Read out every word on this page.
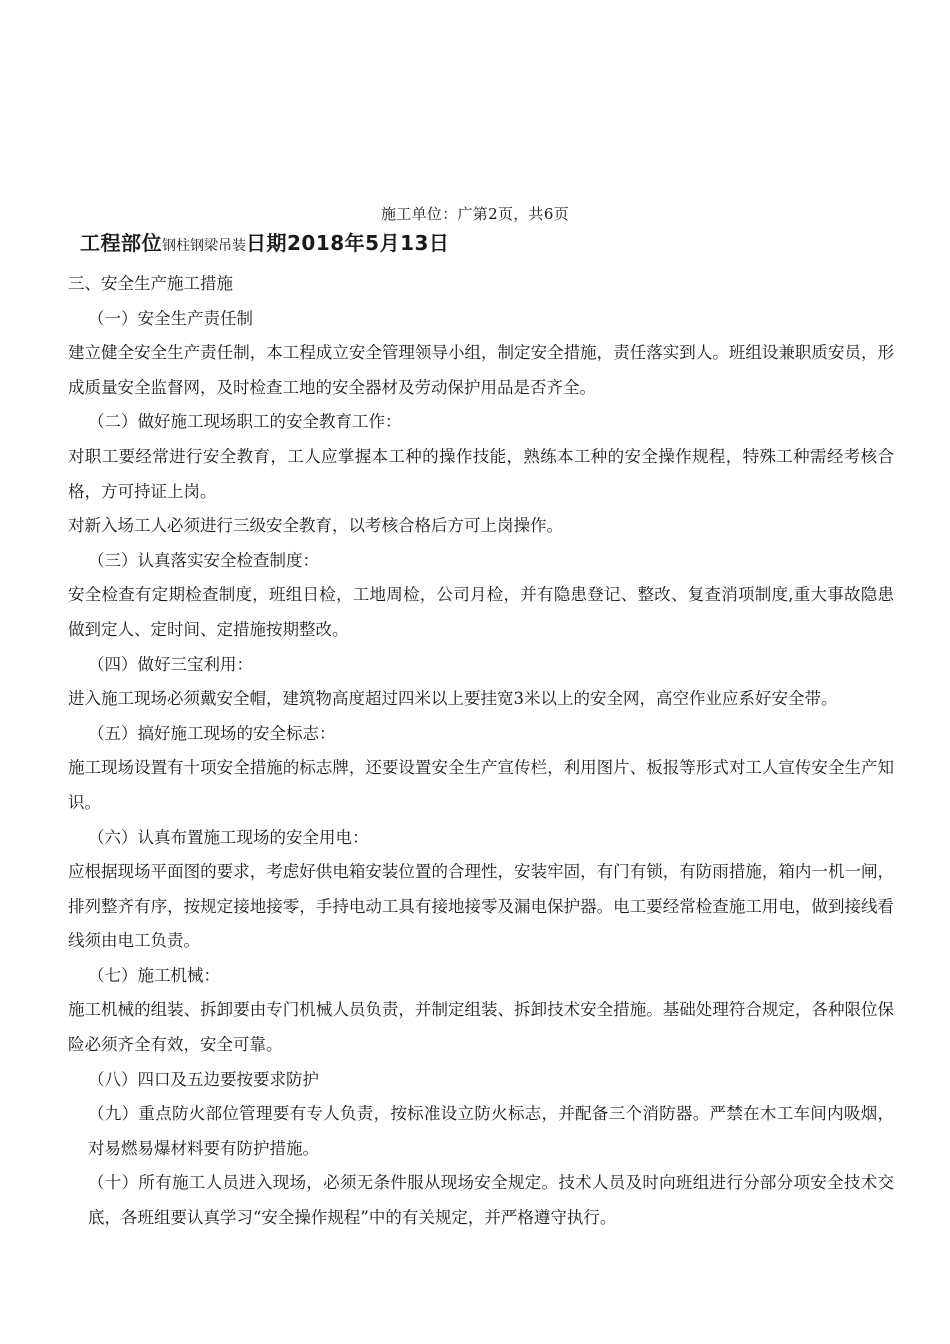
施工单位：广第2页，共6页
工程部位钢柱钢梁吊装日期2018年5月13日

三、安全生产施工措施

（一）安全生产责任制

建立健全安全生产责任制，本工程成立安全管理领导小组，制定安全措施，责任落实到人。班组设兼职质安员，形成质量安全监督网，及时检查工地的安全器材及劳动保护用品是否齐全。

（二）做好施工现场职工的安全教育工作：

对职工要经常进行安全教育，工人应掌握本工种的操作技能，熟练本工种的安全操作规程，特殊工种需经考核合格，方可持证上岗。

对新入场工人必须进行三级安全教育，以考核合格后方可上岗操作。

（三）认真落实安全检查制度：

安全检查有定期检查制度，班组日检，工地周检，公司月检，并有隐患登记、整改、复查消项制度,重大事故隐患做到定人、定时间、定措施按期整改。

（四）做好三宝利用：

进入施工现场必须戴安全帽，建筑物高度超过四米以上要挂宽3米以上的安全网，高空作业应系好安全带。

（五）搞好施工现场的安全标志：

施工现场设置有十项安全措施的标志牌，还要设置安全生产宣传栏，利用图片、板报等形式对工人宣传安全生产知识。

（六）认真布置施工现场的安全用电：

应根据现场平面图的要求，考虑好供电箱安装位置的合理性，安装牢固，有门有锁，有防雨措施，箱内一机一闸，排列整齐有序，按规定接地接零，手持电动工具有接地接零及漏电保护器。电工要经常检查施工用电，做到接线看线须由电工负责。

（七）施工机械：

施工机械的组装、拆卸要由专门机械人员负责，并制定组装、拆卸技术安全措施。基础处理符合规定，各种限位保险必须齐全有效，安全可靠。

（八）四口及五边要按要求防护

（九）重点防火部位管理要有专人负责，按标准设立防火标志，并配备三个消防器。严禁在木工车间内吸烟，对易燃易爆材料要有防护措施。

（十）所有施工人员进入现场，必须无条件服从现场安全规定。技术人员及时向班组进行分部分项安全技术交底，各班组要认真学习“安全操作规程”中的有关规定，并严格遵守执行。
